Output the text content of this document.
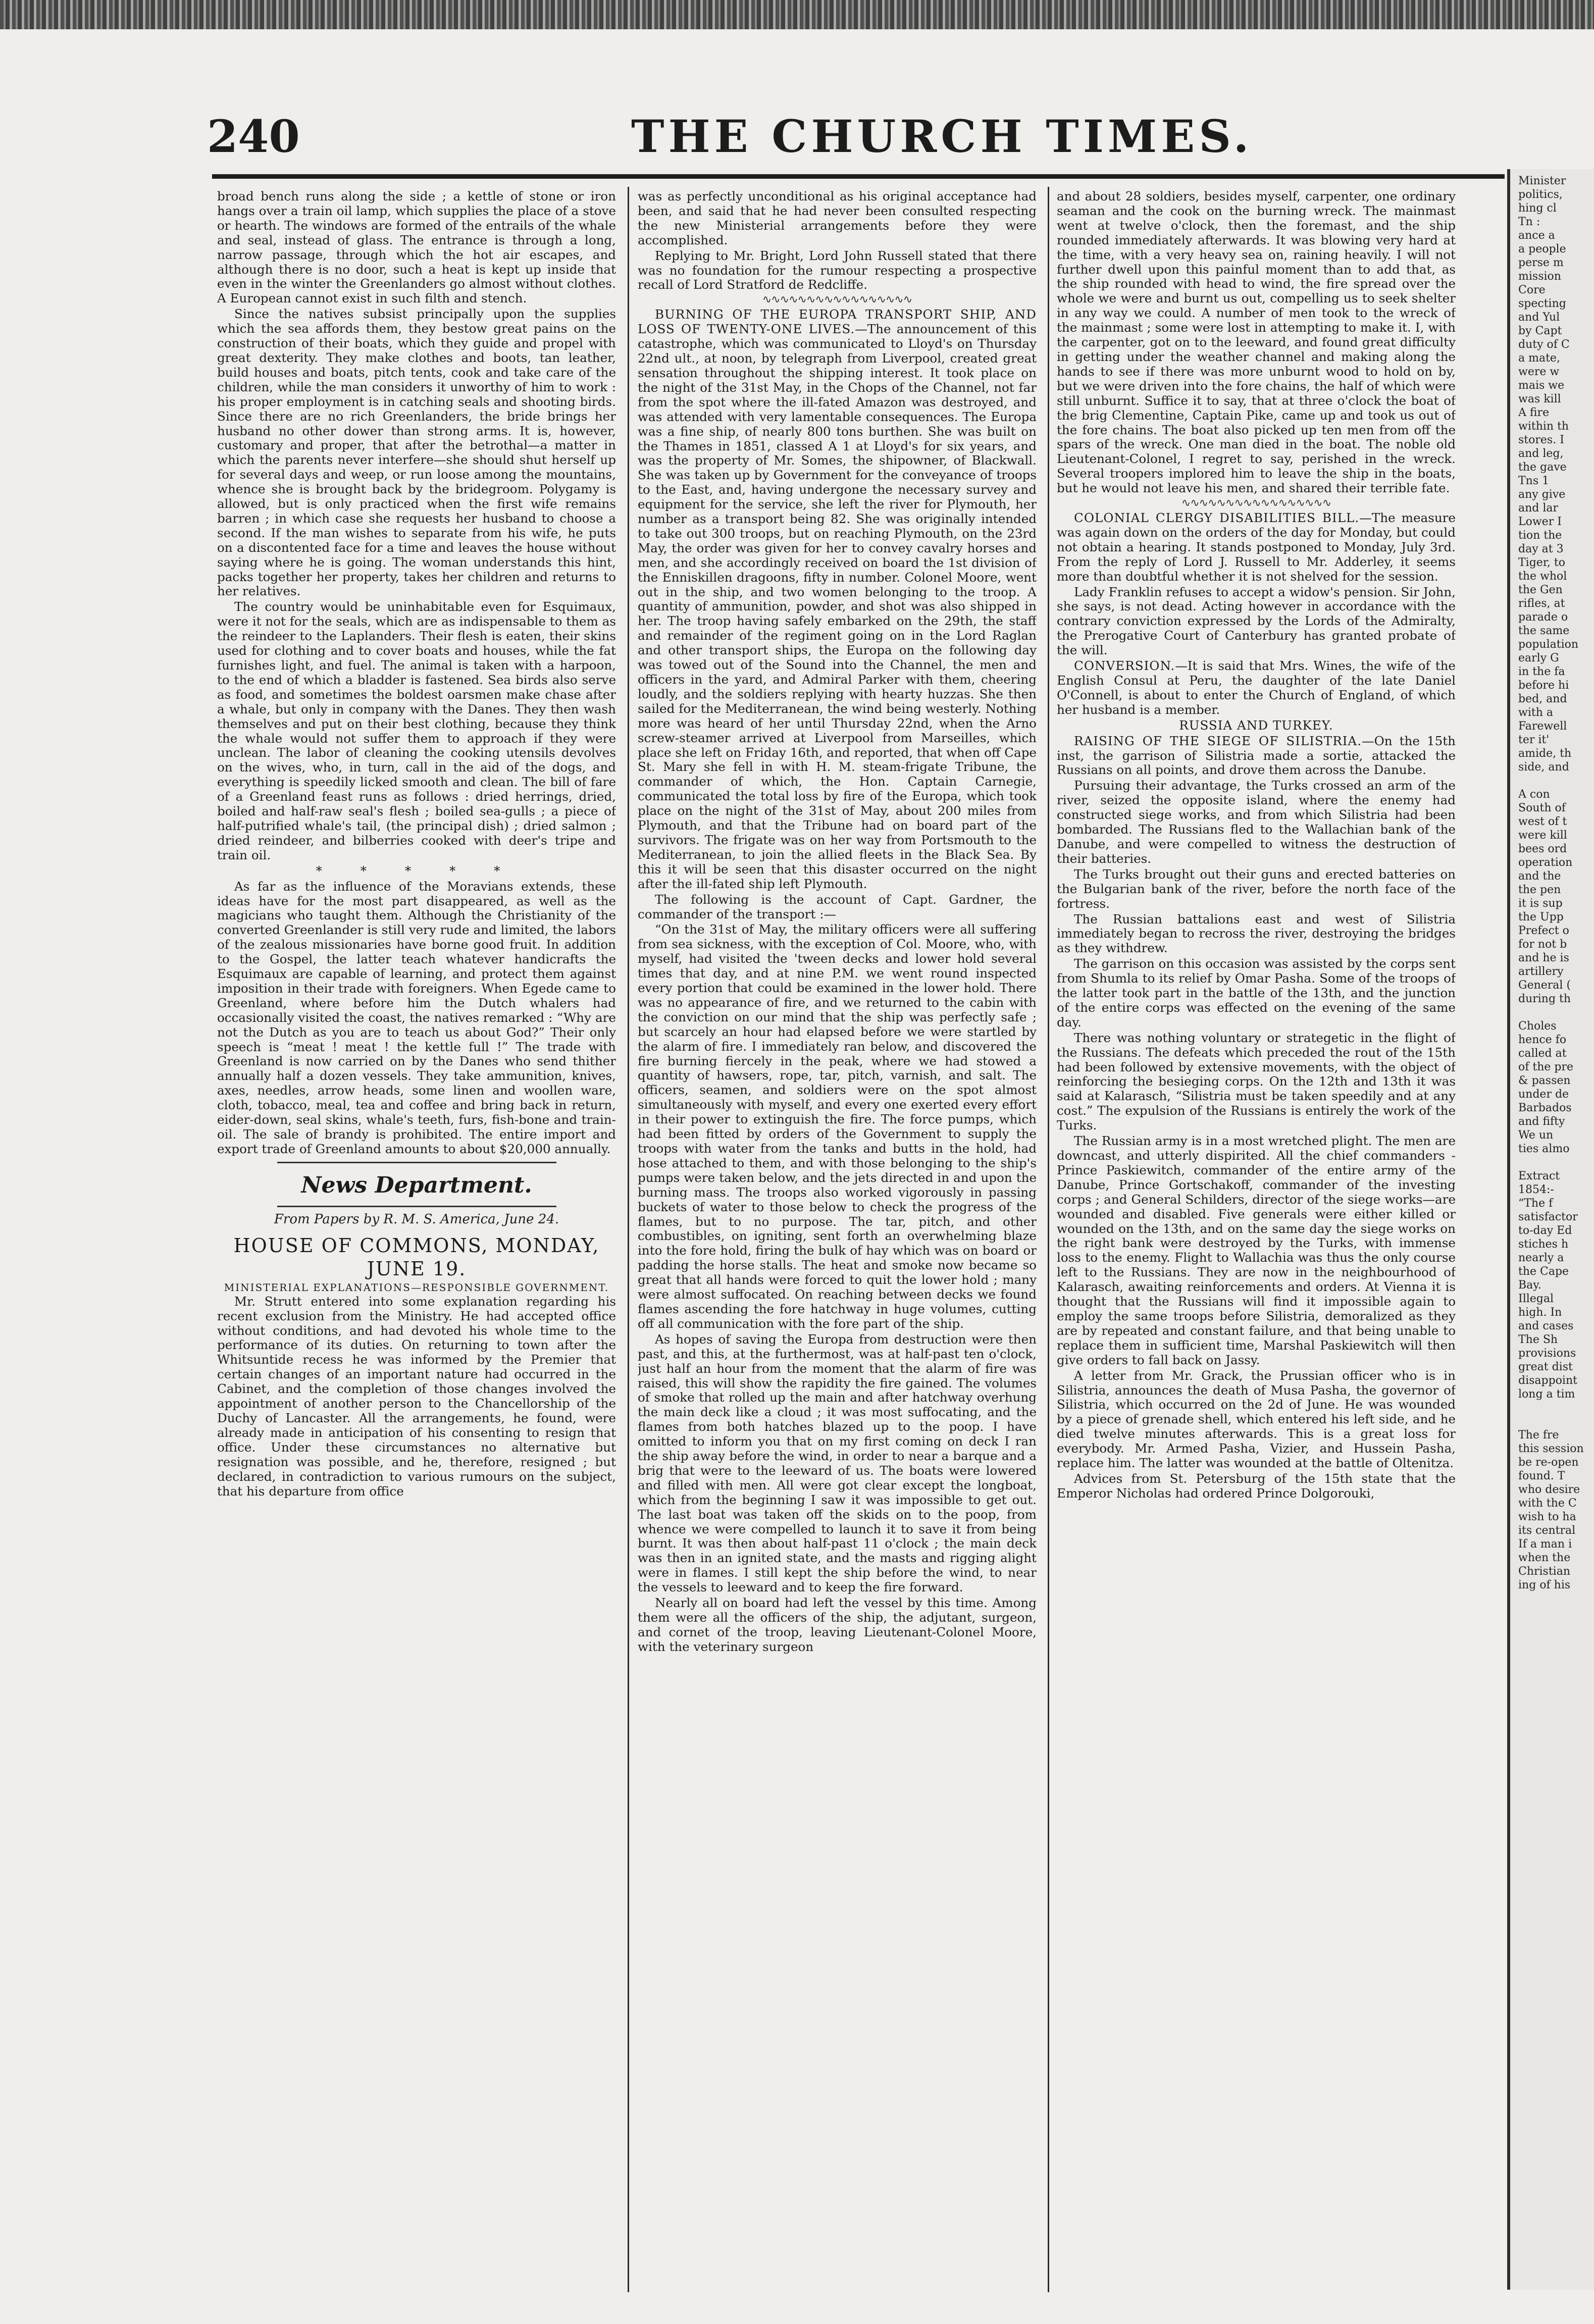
240	THE CHURCH TIMES.

broad bench runs along the side ; a kettle of stone or iron hangs over a train oil lamp, which supplies the place of a stove or hearth. The windows are formed of the entrails of the whale and seal, instead of glass. The entrance is through a long, narrow passage, through which the hot air escapes, and although there is no door, such a heat is kept up inside that even in the winter the Greenlanders go almost without clothes. A European cannot exist in such filth and stench.

Since the natives subsist principally upon the supplies which the sea affords them, they bestow great pains on the construction of their boats, which they guide and propel with great dexterity. They make clothes and boots, tan leather, build houses and boats, pitch tents, cook and take care of the children, while the man considers it unworthy of him to work : his proper employment is in catching seals and shooting birds. Since there are no rich Greenlanders, the bride brings her husband no other dower than strong arms. It is, however, customary and proper, that after the betrothal—a matter in which the parents never interfere—she should shut herself up for several days and weep, or run loose among the mountains, whence she is brought back by the bridegroom. Polygamy is allowed, but is only practiced when the first wife remains barren ; in which case she requests her husband to choose a second. If the man wishes to separate from his wife, he puts on a discontented face for a time and leaves the house without saying where he is going. The woman understands this hint, packs together her property, takes her children and returns to her relatives.

The country would be uninhabitable even for Esquimaux, were it not for the seals, which are as indispensable to them as the reindeer to the Laplanders. Their flesh is eaten, their skins used for clothing and to cover boats and houses, while the fat furnishes light, and fuel. The animal is taken with a harpoon, to the end of which a bladder is fastened. Sea birds also serve as food, and sometimes the boldest oarsmen make chase after a whale, but only in company with the Danes. They then wash themselves and put on their best clothing, because they think the whale would not suffer them to approach if they were unclean. The labor of cleaning the cooking utensils devolves on the wives, who, in turn, call in the aid of the dogs, and everything is speedily licked smooth and clean. The bill of fare of a Greenland feast runs as follows : dried herrings, dried, boiled and half-raw seal's flesh ; boiled sea-gulls ; a piece of half-putrified whale's tail, (the principal dish) ; dried salmon ; dried reindeer, and bilberries cooked with deer's tripe and train oil.

* * * * *

As far as the influence of the Moravians extends, these ideas have for the most part disappeared, as well as the magicians who taught them. Although the Christianity of the converted Greenlander is still very rude and limited, the labors of the zealous missionaries have borne good fruit. In addition to the Gospel, the latter teach whatever handicrafts the Esquimaux are capable of learning, and protect them against imposition in their trade with foreigners. When Egede came to Greenland, where before him the Dutch whalers had occasionally visited the coast, the natives remarked : “Why are not the Dutch as you are to teach us about God?” Their only speech is “meat ! meat ! the kettle full !” The trade with Greenland is now carried on by the Danes who send thither annually half a dozen vessels. They take ammunition, knives, axes, needles, arrow heads, some linen and woollen ware, cloth, tobacco, meal, tea and coffee and bring back in return, eider-down, seal skins, whale's teeth, furs, fish-bone and train-oil. The sale of brandy is prohibited. The entire import and export trade of Greenland amounts to about $20,000 annually.

News Department.

From Papers by R. M. S. America, June 24.

HOUSE OF COMMONS, MONDAY, JUNE 19.

MINISTERIAL EXPLANATIONS—RESPONSIBLE GOVERNMENT.

Mr. Strutt entered into some explanation regarding his recent exclusion from the Ministry. He had accepted office without conditions, and had devoted his whole time to the performance of its duties. On returning to town after the Whitsuntide recess he was informed by the Premier that certain changes of an important nature had occurred in the Cabinet, and the completion of those changes involved the appointment of another person to the Chancellorship of the Duchy of Lancaster. All the arrangements, he found, were already made in anticipation of his consenting to resign that office. Under these circumstances no alternative but resignation was possible, and he, therefore, resigned ; but declared, in contradiction to various rumours on the subject, that his departure from office

was as perfectly unconditional as his original acceptance had been, and said that he had never been consulted respecting the new Ministerial arrangements before they were accomplished.

Replying to Mr. Bright, Lord John Russell stated that there was no foundation for the rumour respecting a prospective recall of Lord Stratford de Redcliffe.

∿∿∿∿∿∿∿∿∿∿∿∿∿∿∿∿∿

BURNING OF THE EUROPA TRANSPORT SHIP, AND LOSS OF TWENTY-ONE LIVES.—The announcement of this catastrophe, which was communicated to Lloyd's on Thursday 22nd ult., at noon, by telegraph from Liverpool, created great sensation throughout the shipping interest. It took place on the night of the 31st May, in the Chops of the Channel, not far from the spot where the ill-fated Amazon was destroyed, and was attended with very lamentable consequences. The Europa was a fine ship, of nearly 800 tons burthen. She was built on the Thames in 1851, classed A 1 at Lloyd's for six years, and was the property of Mr. Somes, the shipowner, of Blackwall. She was taken up by Government for the conveyance of troops to the East, and, having undergone the necessary survey and equipment for the service, she left the river for Plymouth, her number as a transport being 82. She was originally intended to take out 300 troops, but on reaching Plymouth, on the 23rd May, the order was given for her to convey cavalry horses and men, and she accordingly received on board the 1st division of the Enniskillen dragoons, fifty in number. Colonel Moore, went out in the ship, and two women belonging to the troop. A quantity of ammunition, powder, and shot was also shipped in her. The troop having safely embarked on the 29th, the staff and remainder of the regiment going on in the Lord Raglan and other transport ships, the Europa on the following day was towed out of the Sound into the Channel, the men and officers in the yard, and Admiral Parker with them, cheering loudly, and the soldiers replying with hearty huzzas. She then sailed for the Mediterranean, the wind being westerly. Nothing more was heard of her until Thursday 22nd, when the Arno screw-steamer arrived at Liverpool from Marseilles, which place she left on Friday 16th, and reported, that when off Cape St. Mary she fell in with H. M. steam-frigate Tribune, the commander of which, the Hon. Captain Carnegie, communicated the total loss by fire of the Europa, which took place on the night of the 31st of May, about 200 miles from Plymouth, and that the Tribune had on board part of the survivors. The frigate was on her way from Portsmouth to the Mediterranean, to join the allied fleets in the Black Sea. By this it will be seen that this disaster occurred on the night after the ill-fated ship left Plymouth.

The following is the account of Capt. Gardner, the commander of the transport :—

“On the 31st of May, the military officers were all suffering from sea sickness, with the exception of Col. Moore, who, with myself, had visited the 'tween decks and lower hold several times that day, and at nine P.M. we went round inspected every portion that could be examined in the lower hold. There was no appearance of fire, and we returned to the cabin with the conviction on our mind that the ship was perfectly safe ; but scarcely an hour had elapsed before we were startled by the alarm of fire. I immediately ran below, and discovered the fire burning fiercely in the peak, where we had stowed a quantity of hawsers, rope, tar, pitch, varnish, and salt. The officers, seamen, and soldiers were on the spot almost simultaneously with myself, and every one exerted every effort in their power to extinguish the fire. The force pumps, which had been fitted by orders of the Government to supply the troops with water from the tanks and butts in the hold, had hose attached to them, and with those belonging to the ship's pumps were taken below, and the jets directed in and upon the burning mass. The troops also worked vigorously in passing buckets of water to those below to check the progress of the flames, but to no purpose. The tar, pitch, and other combustibles, on igniting, sent forth an overwhelming blaze into the fore hold, firing the bulk of hay which was on board or padding the horse stalls. The heat and smoke now became so great that all hands were forced to quit the lower hold ; many were almost suffocated. On reaching between decks we found flames ascending the fore hatchway in huge volumes, cutting off all communication with the fore part of the ship.

As hopes of saving the Europa from destruction were then past, and this, at the furthermost, was at half-past ten o'clock, just half an hour from the moment that the alarm of fire was raised, this will show the rapidity the fire gained. The volumes of smoke that rolled up the main and after hatchway overhung the main deck like a cloud ; it was most suffocating, and the flames from both hatches blazed up to the poop. I have omitted to inform you that on my first coming on deck I ran the ship away before the wind, in order to near a barque and a brig that were to the leeward of us. The boats were lowered and filled with men. All were got clear except the longboat, which from the beginning I saw it was impossible to get out. The last boat was taken off the skids on to the poop, from whence we were compelled to launch it to save it from being burnt. It was then about half-past 11 o'clock ; the main deck was then in an ignited state, and the masts and rigging alight were in flames. I still kept the ship before the wind, to near the vessels to leeward and to keep the fire forward.

Nearly all on board had left the vessel by this time. Among them were all the officers of the ship, the adjutant, surgeon, and cornet of the troop, leaving Lieutenant-Colonel Moore, with the veterinary surgeon

and about 28 soldiers, besides myself, carpenter, one ordinary seaman and the cook on the burning wreck. The mainmast went at twelve o'clock, then the foremast, and the ship rounded immediately afterwards. It was blowing very hard at the time, with a very heavy sea on, raining heavily. I will not further dwell upon this painful moment than to add that, as the ship rounded with head to wind, the fire spread over the whole we were and burnt us out, compelling us to seek shelter in any way we could. A number of men took to the wreck of the mainmast ; some were lost in attempting to make it. I, with the carpenter, got on to the leeward, and found great difficulty in getting under the weather channel and making along the hands to see if there was more unburnt wood to hold on by, but we were driven into the fore chains, the half of which were still unburnt. Suffice it to say, that at three o'clock the boat of the brig Clementine, Captain Pike, came up and took us out of the fore chains. The boat also picked up ten men from off the spars of the wreck. One man died in the boat. The noble old Lieutenant-Colonel, I regret to say, perished in the wreck. Several troopers implored him to leave the ship in the boats, but he would not leave his men, and shared their terrible fate.

∿∿∿∿∿∿∿∿∿∿∿∿∿∿∿∿∿

COLONIAL CLERGY DISABILITIES BILL.—The measure was again down on the orders of the day for Monday, but could not obtain a hearing. It stands postponed to Monday, July 3rd. From the reply of Lord J. Russell to Mr. Adderley, it seems more than doubtful whether it is not shelved for the session.

Lady Franklin refuses to accept a widow's pension. Sir John, she says, is not dead. Acting however in accordance with the contrary conviction expressed by the Lords of the Admiralty, the Prerogative Court of Canterbury has granted probate of the will.

CONVERSION.—It is said that Mrs. Wines, the wife of the English Consul at Peru, the daughter of the late Daniel O'Connell, is about to enter the Church of England, of which her husband is a member.

RUSSIA AND TURKEY.

RAISING OF THE SIEGE OF SILISTRIA.—On the 15th inst, the garrison of Silistria made a sortie, attacked the Russians on all points, and drove them across the Danube.

Pursuing their advantage, the Turks crossed an arm of the river, seized the opposite island, where the enemy had constructed siege works, and from which Silistria had been bombarded. The Russians fled to the Wallachian bank of the Danube, and were compelled to witness the destruction of their batteries.

The Turks brought out their guns and erected batteries on the Bulgarian bank of the river, before the north face of the fortress.

The Russian battalions east and west of Silistria immediately began to recross the river, destroying the bridges as they withdrew.

The garrison on this occasion was assisted by the corps sent from Shumla to its relief by Omar Pasha. Some of the troops of the latter took part in the battle of the 13th, and the junction of the entire corps was effected on the evening of the same day.

There was nothing voluntary or strategetic in the flight of the Russians. The defeats which preceded the rout of the 15th had been followed by extensive movements, with the object of reinforcing the besieging corps. On the 12th and 13th it was said at Kalarasch, “Silistria must be taken speedily and at any cost.” The expulsion of the Russians is entirely the work of the Turks.

The Russian army is in a most wretched plight. The men are downcast, and utterly dispirited. All the chief commanders - Prince Paskiewitch, commander of the entire army of the Danube, Prince Gortschakoff, commander of the investing corps ; and General Schilders, director of the siege works—are wounded and disabled. Five generals were either killed or wounded on the 13th, and on the same day the siege works on the right bank were destroyed by the Turks, with immense loss to the enemy. Flight to Wallachia was thus the only course left to the Russians. They are now in the neighbourhood of Kalarasch, awaiting reinforcements and orders. At Vienna it is thought that the Russians will find it impossible again to employ the same troops before Silistria, demoralized as they are by repeated and constant failure, and that being unable to replace them in sufficient time, Marshal Paskiewitch will then give orders to fall back on Jassy.

A letter from Mr. Grack, the Prussian officer who is in Silistria, announces the death of Musa Pasha, the governor of Silistria, which occurred on the 2d of June. He was wounded by a piece of grenade shell, which entered his left side, and he died twelve minutes afterwards. This is a great loss for everybody. Mr. Armed Pasha, Vizier, and Hussein Pasha, replace him. The latter was wounded at the battle of Oltenitza.

Advices from St. Petersburg of the 15th state that the Emperor Nicholas had ordered Prince Dolgorouki,

Minister
politics,
hing cl
Tn :
ance a
a people
perse m
mission
Core
specting
and Yul
by Capt
duty of C
a mate,
were w
mais we
was kill
A fire
within th
stores. I
and leg,
the gave
Tns 1
any give
and lar
Lower I
tion the
day at 3
Tiger, to
the whol
the Gen
rifles, at
parade o
the same
population
early G
in the fa
before hi
bed, and
with a
Farewell
ter it'
amide, th
side, and

A con
South of
west of t
were kill
bees ord
operation
and the
the pen
it is sup
the Upp
Prefect o
for not b
and he is
artillery
General (
during th

Choles
hence fo
called at
of the pre
& passen
under de
Barbados
and fifty
We un
ties almo

Extract
1854:-
“The f
satisfactor
to-day Ed
stiches h
nearly a
the Cape
Bay.
Illegal
high. In
and cases
The Sh
provisions
great dist
disappoint
long a tim

The fre
this session
be re-open
found. T
who desire
with the C
wish to ha
its central
If a man i
when the
Christian
ing of his
